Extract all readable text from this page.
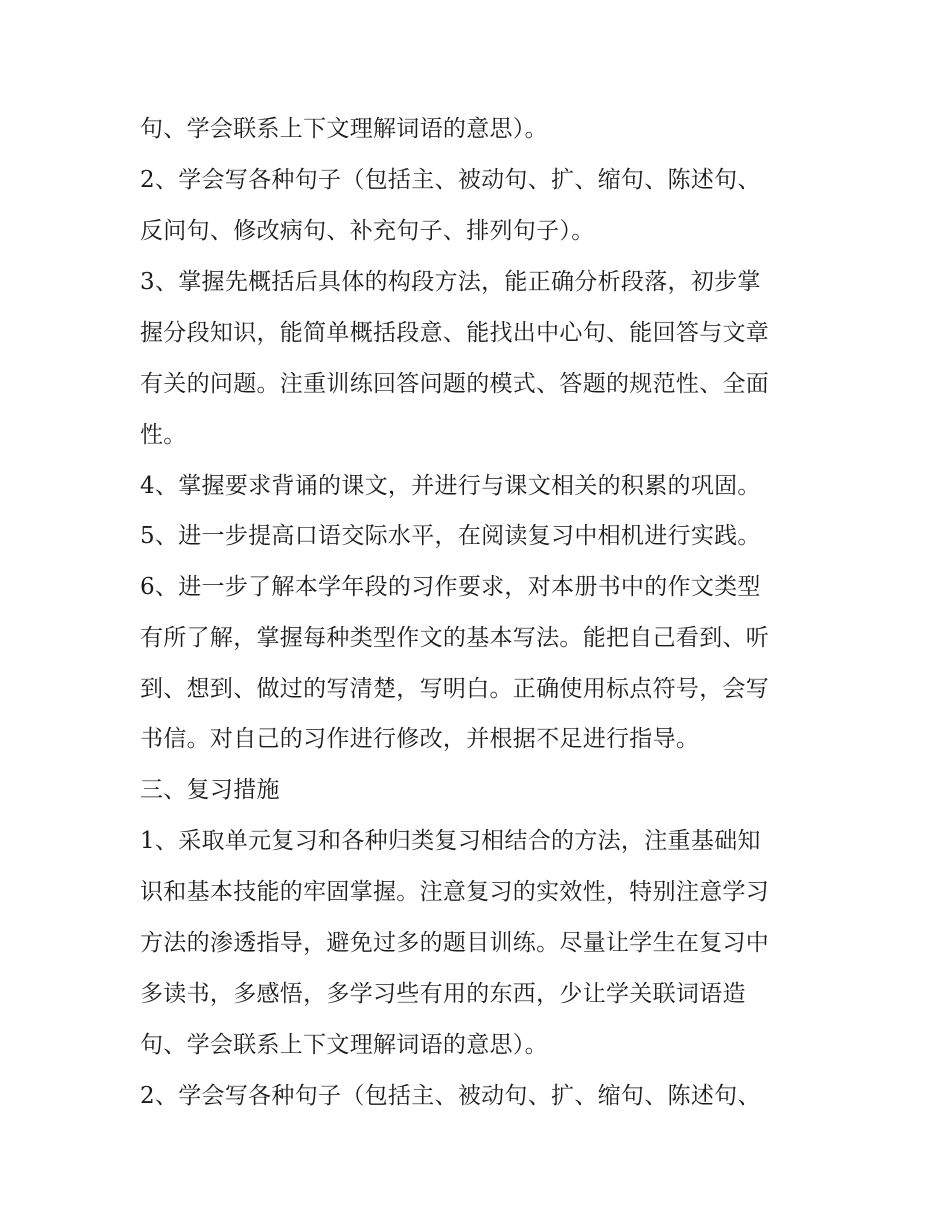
句、学会联系上下文理解词语的意思）。
2、学会写各种句子（包括主、被动句、扩、缩句、陈述句、
反问句、修改病句、补充句子、排列句子）。
3、掌握先概括后具体的构段方法，能正确分析段落，初步掌
握分段知识，能简单概括段意、能找出中心句、能回答与文章
有关的问题。注重训练回答问题的模式、答题的规范性、全面
性。
4、掌握要求背诵的课文，并进行与课文相关的积累的巩固。
5、进一步提高口语交际水平，在阅读复习中相机进行实践。
6、进一步了解本学年段的习作要求，对本册书中的作文类型
有所了解，掌握每种类型作文的基本写法。能把自己看到、听
到、想到、做过的写清楚，写明白。正确使用标点符号，会写
书信。对自己的习作进行修改，并根据不足进行指导。
三、复习措施
1、采取单元复习和各种归类复习相结合的方法，注重基础知
识和基本技能的牢固掌握。注意复习的实效性，特别注意学习
方法的渗透指导，避免过多的题目训练。尽量让学生在复习中
多读书，多感悟，多学习些有用的东西，少让学关联词语造
句、学会联系上下文理解词语的意思）。
2、学会写各种句子（包括主、被动句、扩、缩句、陈述句、
